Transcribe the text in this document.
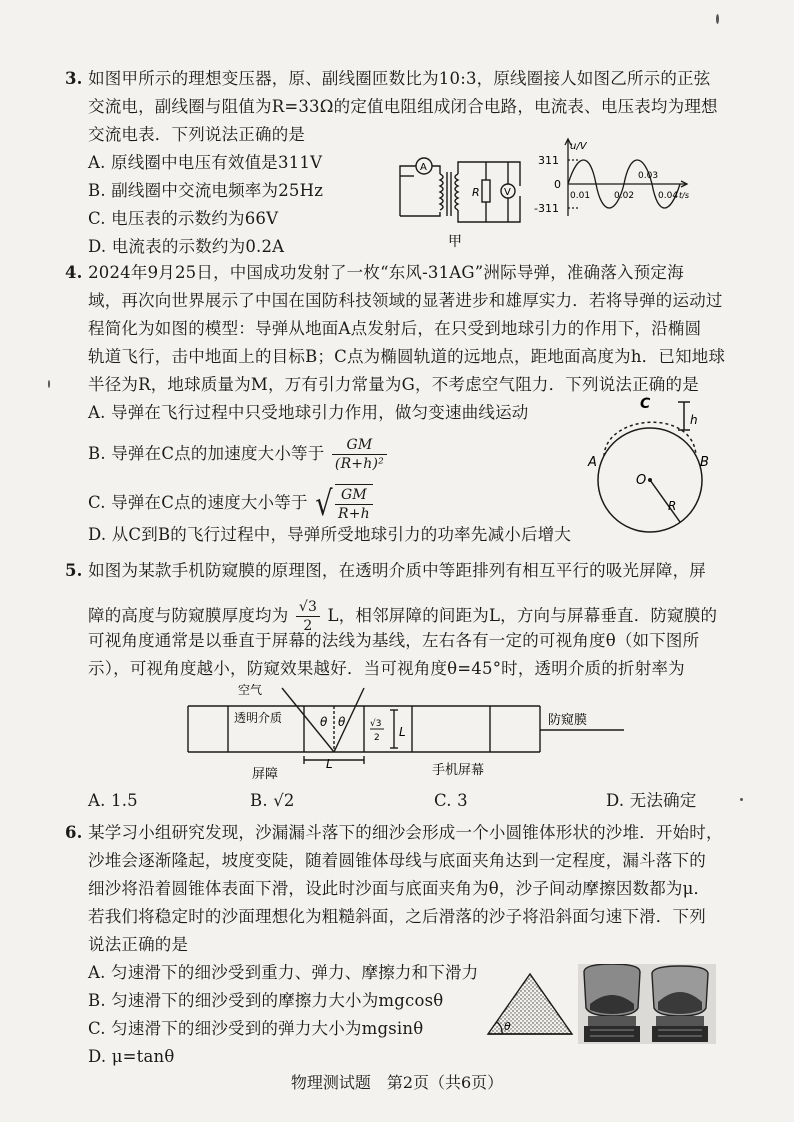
3. 如图甲所示的理想变压器，原、副线圈匝数比为10:3，原线圈接人如图乙所示的正弦
交流电，副线圈与阻值为R=33Ω的定值电阻组成闭合电路，电流表、电压表均为理想
交流电表．下列说法正确的是
A. 原线圈中电压有效值是311V
B. 副线圈中交流电频率为25Hz
C. 电压表的示数约为66V
D. 电流表的示数约为0.2A
A
R V
甲
u/V
311
-311
0
0.01	0.02
0.03
0.04 t/s
4. 2024年9月25日，中国成功发射了一枚“东风-31AG”洲际导弹，准确落入预定海
域，再次向世界展示了中国在国防科技领域的显著进步和雄厚实力．若将导弹的运动过
程简化为如图的模型：导弹从地面A点发射后，在只受到地球引力的作用下，沿椭圆
轨道飞行，击中地面上的目标B；C点为椭圆轨道的远地点，距地面高度为h．已知地球
半径为R，地球质量为M，万有引力常量为G，不考虑空气阻力．下列说法正确的是
A. 导弹在飞行过程中只受地球引力作用，做匀变速曲线运动
B. 导弹在C点的加速度大小等于 $\frac{GM}{\text{(R+h)²}}$
C. 导弹在C点的速度大小等于 √ $\frac{GM}{R+h}$
D. 从C到B的飞行过程中，导弹所受地球引力的功率先减小后增大
C
h
A	B
O
R
5. 如图为某款手机防窥膜的原理图，在透明介质中等距排列有相互平行的吸光屏障，屏
障的高度与防窥膜厚度均为 $\frac{√3}{2}$ L，相邻屏障的间距为L，方向与屏幕垂直．防窥膜的
可视角度通常是以垂直于屏幕的法线为基线，左右各有一定的可视角度θ（如下图所
示），可视角度越小，防窥效果越好．当可视角度θ=45°时，透明介质的折射率为
空气
透明介质	θ θ
L
√3
2 L
防窥膜
屏障	手机屏幕
A. 1.5	B. √2	C. 3	D. 无法确定
6. 某学习小组研究发现，沙漏漏斗落下的细沙会形成一个小圆锥体形状的沙堆．开始时，
沙堆会逐渐隆起，坡度变陡，随着圆锥体母线与底面夹角达到一定程度，漏斗落下的
细沙将沿着圆锥体表面下滑，设此时沙面与底面夹角为θ，沙子间动摩擦因数都为μ．
若我们将稳定时的沙面理想化为粗糙斜面，之后滑落的沙子将沿斜面匀速下滑．下列
说法正确的是
A. 匀速滑下的细沙受到重力、弹力、摩擦力和下滑力
B. 匀速滑下的细沙受到的摩擦力大小为mgcosθ
C. 匀速滑下的细沙受到的弹力大小为mgsinθ
D. μ=tanθ
θ
物理测试题　第2页（共6页）
